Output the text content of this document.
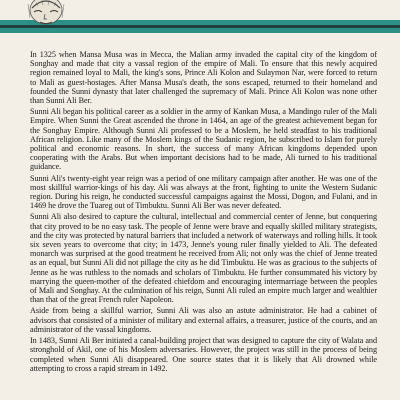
In 1325 when Mansa Musa was in Mecca, the Malian army invaded the capital city of the kingdom of Songhay and made that city a vassal region of the empire of Mali. To ensure that this newly acquired region remained loyal to Mali, the king's sons, Prince Ali Kolon and Sulaymon Nar, were forced to return to Mali as guest-hostages. After Mansa Musa's death, the sons escaped, returned to their homeland and founded the Sunni dynasty that later challenged the supremacy of Mali. Prince Ali Kolon was none other than Sunni Ali Ber.

Sunni Ali began his political career as a soldier in the army of Kankan Musa, a Mandingo ruler of the Mali Empire. When Sunni the Great ascended the throne in 1464, an age of the greatest achievement began for the Songhay Empire. Although Sunni Ali professed to be a Moslem, he held steadfast to his traditional African religion. Like many of the Moslem kings of the Sudanic region, he subscribed to Islam for purely political and economic reasons. In short, the success of many African kingdoms depended upon cooperating with the Arabs. But when important decisions had to be made, Ali turned to his traditional guidance.

Sunni Ali's twenty-eight year reign was a period of one military campaign after another. He was one of the most skillful warrior-kings of his day. Ali was always at the front, fighting to unite the Western Sudanic region. During his reign, he conducted successful campaigns against the Mossi, Dogon, and Fulani, and in 1469 he drove the Tuareg out of Timbuktu. Sunni Ali Ber was never defeated.

Sunni Ali also desired to capture the cultural, intellectual and commercial center of Jenne, but conquering that city proved to be no easy task. The people of Jenne were brave and equally skilled military strategists, and the city was protected by natural barriers that included a network of waterways and rolling hills. It took six seven years to overcome that city; in 1473, Jenne's young ruler finally yielded to Ali. The defeated monarch was surprised at the good treatment he received from Ali; not only was the chief of Jenne treated as an equal, but Sunni Ali did not pillage the city as he did Timbuktu. He was as gracious to the subjects of Jenne as he was ruthless to the nomads and scholars of Timbuktu. He further consummated his victory by marrying the queen-mother of the defeated chiefdom and encouraging intermarriage between the peoples of Mali and Songhay. At the culmination of his reign, Sunni Ali ruled an empire much larger and wealthier than that of the great French ruler Napoleon.

Aside from being a skillful warrior, Sunni Ali was also an astute administrator. He had a cabinet of advisors that consisted of a minister of military and external affairs, a treasurer, justice of the courts, and an administrator of the vassal kingdoms.

In 1483, Sunni Ali Ber initiated a canal-building project that was designed to capture the city of Walata and stronghold of Akil, one of his Moslem adversaries. However, the project was still in the process of being completed when Sunni Ali disappeared. One source states that it is likely that Ali drowned while attempting to cross a rapid stream in 1492.
